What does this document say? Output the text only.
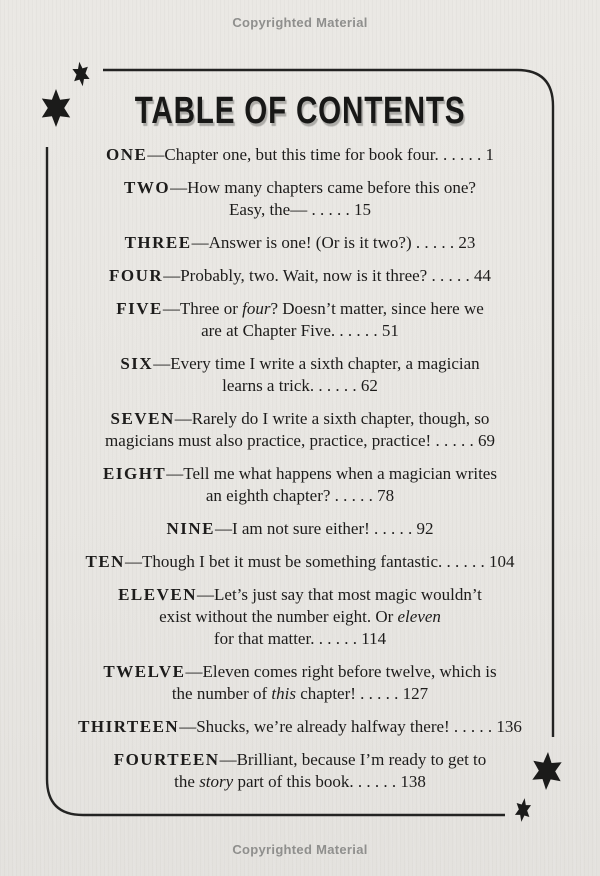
Copyrighted Material
TABLE OF CONTENTS
ONE—Chapter one, but this time for book four. . . . . . 1
TWO—How many chapters came before this one?
Easy, the— . . . . . 15
THREE—Answer is one! (Or is it two?) . . . . . 23
FOUR—Probably, two. Wait, now is it three? . . . . . 44
FIVE—Three or four? Doesn’t matter, since here we
are at Chapter Five. . . . . . 51
SIX—Every time I write a sixth chapter, a magician
learns a trick. . . . . . 62
SEVEN—Rarely do I write a sixth chapter, though, so
magicians must also practice, practice, practice! . . . . . 69
EIGHT—Tell me what happens when a magician writes
an eighth chapter? . . . . . 78
NINE—I am not sure either! . . . . . 92
TEN—Though I bet it must be something fantastic. . . . . . 104
ELEVEN—Let’s just say that most magic wouldn’t
exist without the number eight. Or eleven
for that matter. . . . . . 114
TWELVE—Eleven comes right before twelve, which is
the number of this chapter! . . . . . 127
THIRTEEN—Shucks, we’re already halfway there! . . . . . 136
FOURTEEN—Brilliant, because I’m ready to get to
the story part of this book. . . . . . 138
Copyrighted Material
